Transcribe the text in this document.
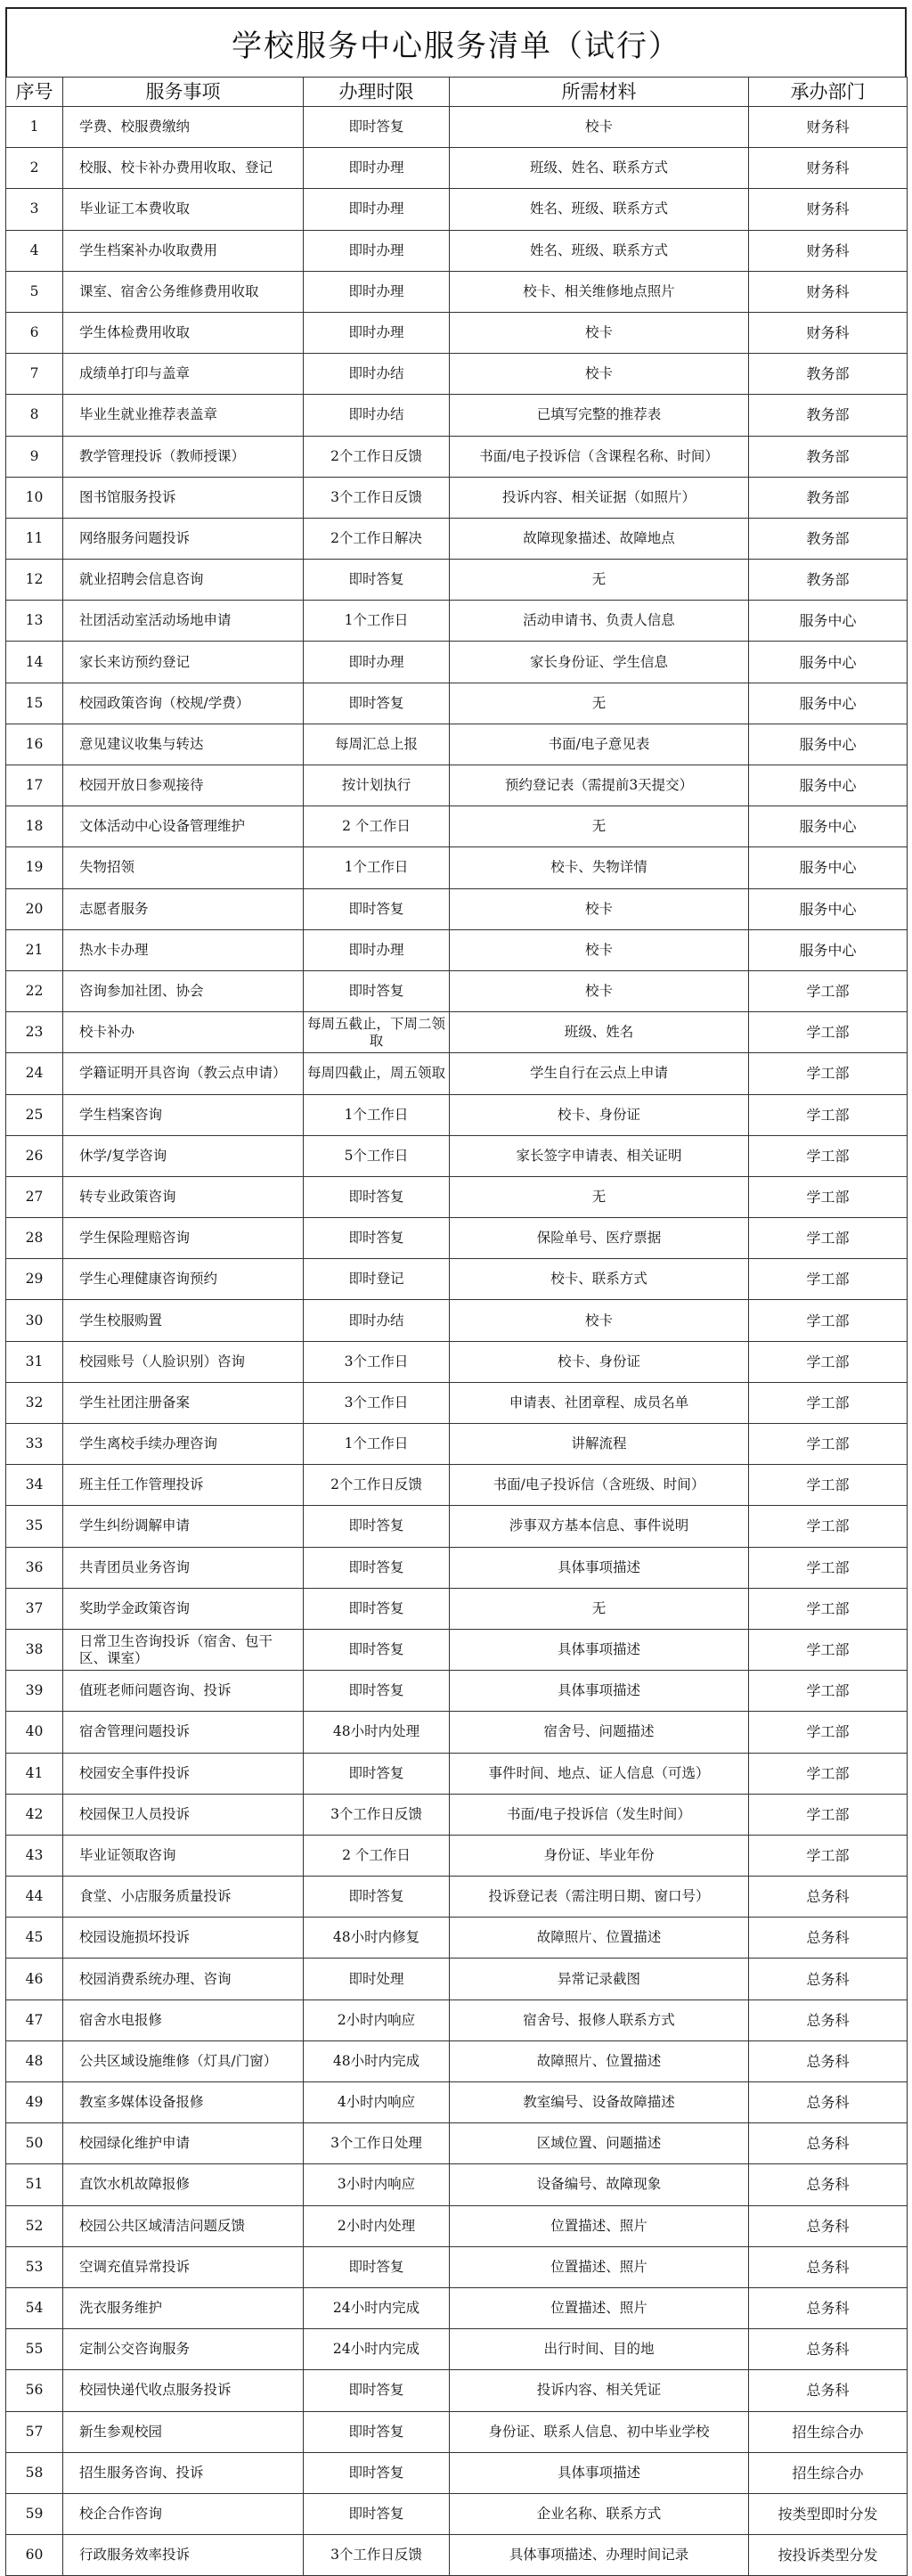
学校服务中心服务清单（试行）
序号	服务事项	办理时限	所需材料	承办部门
1	学费、校服费缴纳	即时答复	校卡	财务科
2	校服、校卡补办费用收取、登记	即时办理	班级、姓名、联系方式	财务科
3	毕业证工本费收取	即时办理	姓名、班级、联系方式	财务科
4	学生档案补办收取费用	即时办理	姓名、班级、联系方式	财务科
5	课室、宿舍公务维修费用收取	即时办理	校卡、相关维修地点照片	财务科
6	学生体检费用收取	即时办理	校卡	财务科
7	成绩单打印与盖章	即时办结	校卡	教务部
8	毕业生就业推荐表盖章	即时办结	已填写完整的推荐表	教务部
9	教学管理投诉（教师授课）	2个工作日反馈	书面/电子投诉信（含课程名称、时间）	教务部
10	图书馆服务投诉	3个工作日反馈	投诉内容、相关证据（如照片）	教务部
11	网络服务问题投诉	2个工作日解决	故障现象描述、故障地点	教务部
12	就业招聘会信息咨询	即时答复	无	教务部
13	社团活动室活动场地申请	1个工作日	活动申请书、负责人信息	服务中心
14	家长来访预约登记	即时办理	家长身份证、学生信息	服务中心
15	校园政策咨询（校规/学费）	即时答复	无	服务中心
16	意见建议收集与转达	每周汇总上报	书面/电子意见表	服务中心
17	校园开放日参观接待	按计划执行	预约登记表（需提前3天提交）	服务中心
18	文体活动中心设备管理维护	2 个工作日	无	服务中心
19	失物招领	1个工作日	校卡、失物详情	服务中心
20	志愿者服务	即时答复	校卡	服务中心
21	热水卡办理	即时办理	校卡	服务中心
22	咨询参加社团、协会	即时答复	校卡	学工部
23	校卡补办	每周五截止，下周二领取	班级、姓名	学工部
24	学籍证明开具咨询（教云点申请）	每周四截止，周五领取	学生自行在云点上申请	学工部
25	学生档案咨询	1个工作日	校卡、身份证	学工部
26	休学/复学咨询	5个工作日	家长签字申请表、相关证明	学工部
27	转专业政策咨询	即时答复	无	学工部
28	学生保险理赔咨询	即时答复	保险单号、医疗票据	学工部
29	学生心理健康咨询预约	即时登记	校卡、联系方式	学工部
30	学生校服购置	即时办结	校卡	学工部
31	校园账号（人脸识别）咨询	3个工作日	校卡、身份证	学工部
32	学生社团注册备案	3个工作日	申请表、社团章程、成员名单	学工部
33	学生离校手续办理咨询	1个工作日	讲解流程	学工部
34	班主任工作管理投诉	2个工作日反馈	书面/电子投诉信（含班级、时间）	学工部
35	学生纠纷调解申请	即时答复	涉事双方基本信息、事件说明	学工部
36	共青团员业务咨询	即时答复	具体事项描述	学工部
37	奖助学金政策咨询	即时答复	无	学工部
38	日常卫生咨询投诉（宿舍、包干区、课室）	即时答复	具体事项描述	学工部
39	值班老师问题咨询、投诉	即时答复	具体事项描述	学工部
40	宿舍管理问题投诉	48小时内处理	宿舍号、问题描述	学工部
41	校园安全事件投诉	即时答复	事件时间、地点、证人信息（可选）	学工部
42	校园保卫人员投诉	3个工作日反馈	书面/电子投诉信（发生时间）	学工部
43	毕业证领取咨询	2 个工作日	身份证、毕业年份	学工部
44	食堂、小店服务质量投诉	即时答复	投诉登记表（需注明日期、窗口号）	总务科
45	校园设施损坏投诉	48小时内修复	故障照片、位置描述	总务科
46	校园消费系统办理、咨询	即时处理	异常记录截图	总务科
47	宿舍水电报修	2小时内响应	宿舍号、报修人联系方式	总务科
48	公共区域设施维修（灯具/门窗）	48小时内完成	故障照片、位置描述	总务科
49	教室多媒体设备报修	4小时内响应	教室编号、设备故障描述	总务科
50	校园绿化维护申请	3个工作日处理	区域位置、问题描述	总务科
51	直饮水机故障报修	3小时内响应	设备编号、故障现象	总务科
52	校园公共区域清洁问题反馈	2小时内处理	位置描述、照片	总务科
53	空调充值异常投诉	即时答复	位置描述、照片	总务科
54	洗衣服务维护	24小时内完成	位置描述、照片	总务科
55	定制公交咨询服务	24小时内完成	出行时间、目的地	总务科
56	校园快递代收点服务投诉	即时答复	投诉内容、相关凭证	总务科
57	新生参观校园	即时答复	身份证、联系人信息、初中毕业学校	招生综合办
58	招生服务咨询、投诉	即时答复	具体事项描述	招生综合办
59	校企合作咨询	即时答复	企业名称、联系方式	按类型即时分发
60	行政服务效率投诉	3个工作日反馈	具体事项描述、办理时间记录	按投诉类型分发
